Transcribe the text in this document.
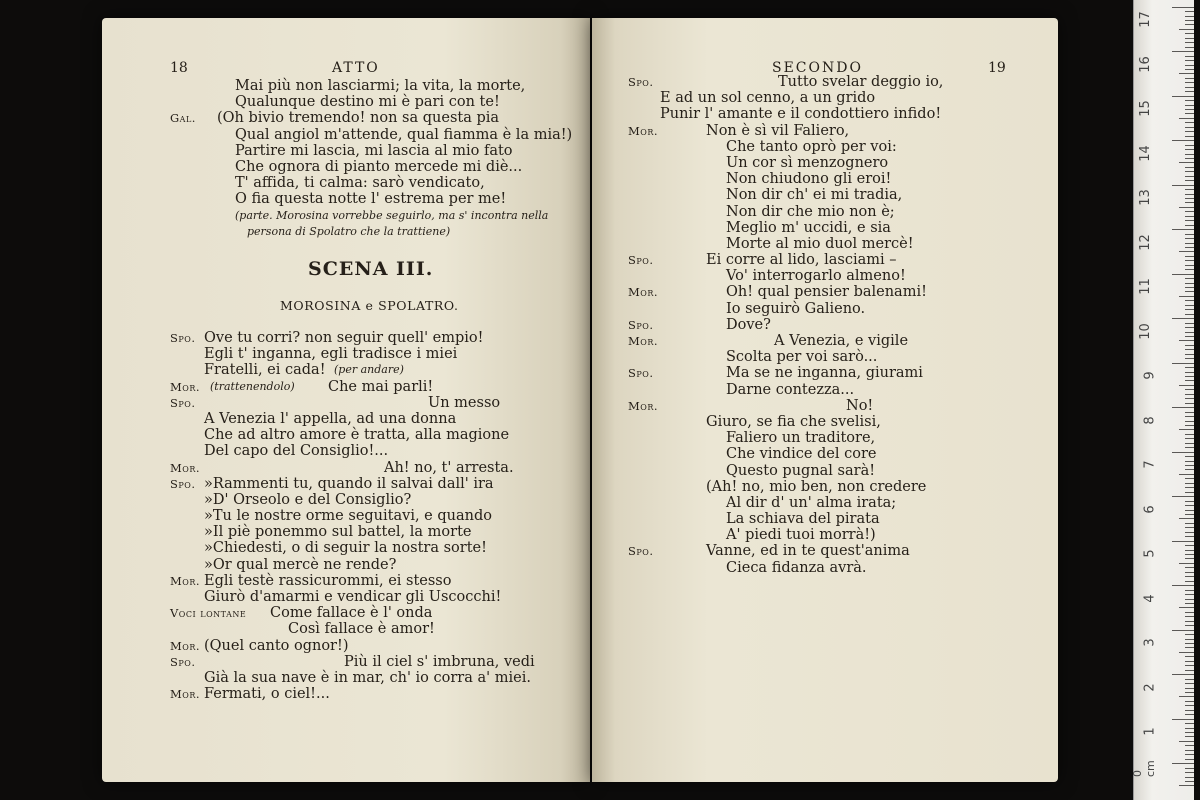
18	ATTO
Mai più non lasciarmi; la vita, la morte,
Qualunque destino mi è pari con te!
Gal. (Oh bivio tremendo! non sa questa pia
Qual angiol m'attende, qual fiamma è la mia!)
Partire mi lascia, mi lascia al mio fato
Che ognora di pianto mercede mi diè...
T' affida, ti calma: sarò vendicato,
O fia questa notte l' estrema per me!
(parte. Morosina vorrebbe seguirlo, ma s' incontra nella
persona di Spolatro che la trattiene)
SCENA III.
MOROSINA e SPOLATRO.
Spo. Ove tu corri? non seguir quell' empio!
Egli t' inganna, egli tradisce i miei
Fratelli, ei cada! (per andare)
Mor. (trattenendolo) Che mai parli!
Spo.	Un messo
A Venezia l' appella, ad una donna
Che ad altro amore è tratta, alla magione
Del capo del Consiglio!...
Mor.	Ah! no, t' arresta.
Spo. »Rammenti tu, quando il salvai dall' ira
»D' Orseolo e del Consiglio?
»Tu le nostre orme seguitavi, e quando
»Il piè ponemmo sul battel, la morte
»Chiedesti, o di seguir la nostra sorte!
»Or qual mercè ne rende?
Mor. Egli testè rassicurommi, ei stesso
Giurò d'amarmi e vendicar gli Uscocchi!
Voci lontane Come fallace è l' onda
Così fallace è amor!
Mor. (Quel canto ognor!)
Spo.	Più il ciel s' imbruna, vedi
Già la sua nave è in mar, ch' io corra a' miei.
Mor. Fermati, o ciel!...
SECONDO	19
Spo.	Tutto svelar deggio io,
E ad un sol cenno, a un grido
Punir l' amante e il condottiero infido!
Mor.	Non è sì vil Faliero,
Che tanto oprò per voi:
Un cor sì menzognero
Non chiudono gli eroi!
Non dir ch' ei mi tradia,
Non dir che mio non è;
Meglio m' uccidi, e sia
Morte al mio duol mercè!
Spo.	Ei corre al lido, lasciami –
Vo' interrogarlo almeno!
Mor.	Oh! qual pensier balenami!
Io seguirò Galieno.
Spo.	Dove?
Mor.	A Venezia, e vigile
Scolta per voi sarò...
Spo.	Ma se ne inganna, giurami
Darne contezza...
Mor.	No!
Giuro, se fia che svelisi,
Faliero un traditore,
Che vindice del core
Questo pugnal sarà!
(Ah! no, mio ben, non credere
Al dir d' un' alma irata;
La schiava del pirata
A' piedi tuoi morrà!)
Spo.	Vanne, ed in te quest'anima
Cieca fidanza avrà.
0 cm
17
16
15
14
13
12
11
10
9
8
7
6
5
4
3
2
1
